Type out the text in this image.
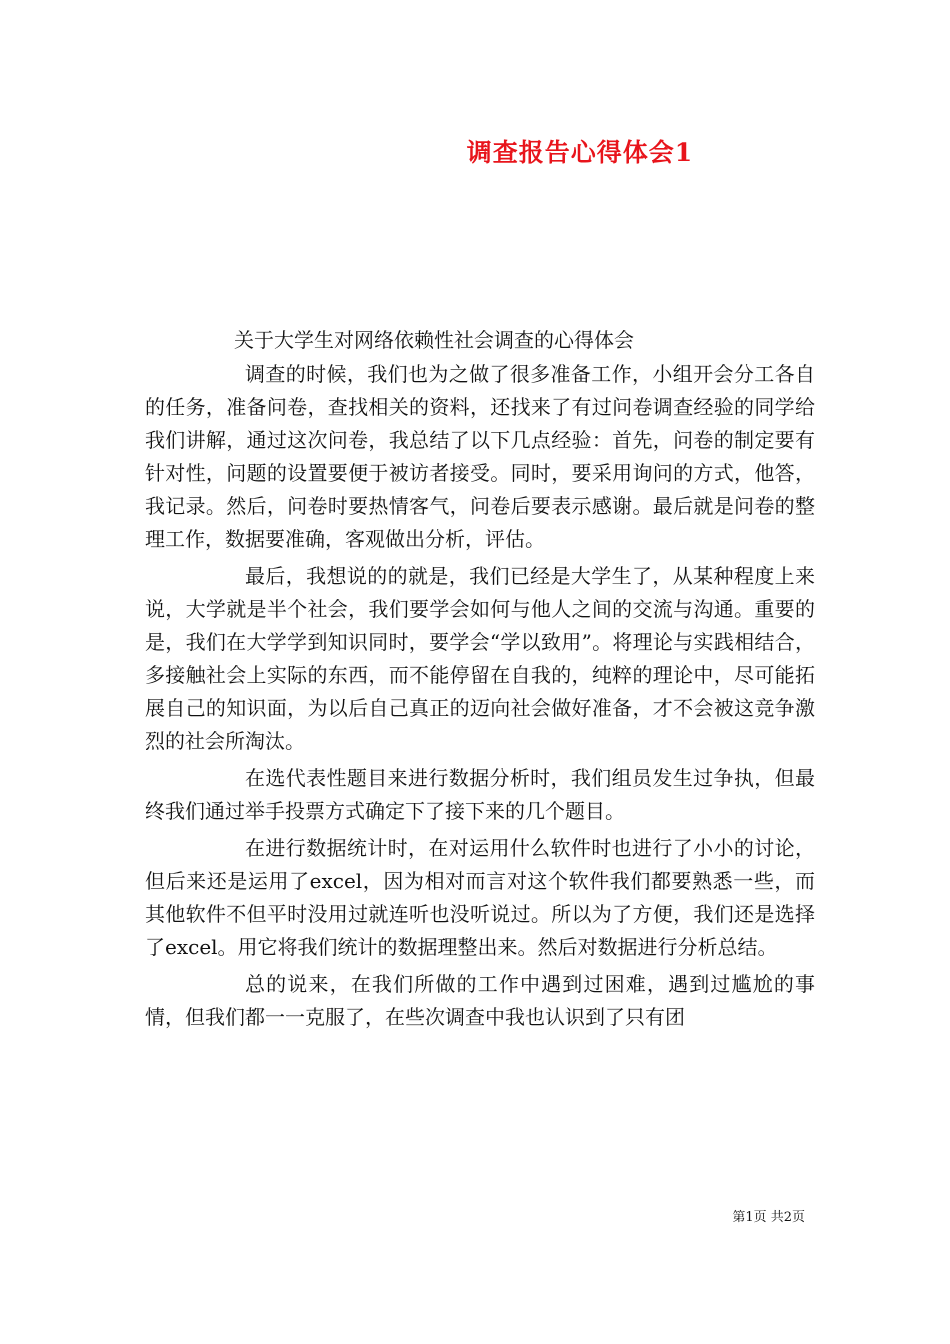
调查报告心得体会1
关于大学生对网络依赖性社会调查的心得体会

调查的时候，我们也为之做了很多准备工作，小组开会分工各自的任务，准备问卷，查找相关的资料，还找来了有过问卷调查经验的同学给我们讲解，通过这次问卷，我总结了以下几点经验：首先，问卷的制定要有针对性，问题的设置要便于被访者接受。同时，要采用询问的方式，他答，我记录。然后，问卷时要热情客气，问卷后要表示感谢。最后就是问卷的整理工作，数据要准确，客观做出分析，评估。

最后，我想说的的就是，我们已经是大学生了，从某种程度上来说，大学就是半个社会，我们要学会如何与他人之间的交流与沟通。重要的是，我们在大学学到知识同时，要学会“学以致用”。将理论与实践相结合，多接触社会上实际的东西，而不能停留在自我的，纯粹的理论中，尽可能拓展自己的知识面，为以后自己真正的迈向社会做好准备，才不会被这竞争激烈的社会所淘汰。

在选代表性题目来进行数据分析时，我们组员发生过争执，但最终我们通过举手投票方式确定下了接下来的几个题目。

在进行数据统计时，在对运用什么软件时也进行了小小的讨论，但后来还是运用了excel，因为相对而言对这个软件我们都要熟悉一些，而其他软件不但平时没用过就连听也没听说过。所以为了方便，我们还是选择了excel。用它将我们统计的数据理整出来。然后对数据进行分析总结。

总的说来，在我们所做的工作中遇到过困难，遇到过尴尬的事情，但我们都一一克服了，在些次调查中我也认识到了只有团

第1页 共2页
